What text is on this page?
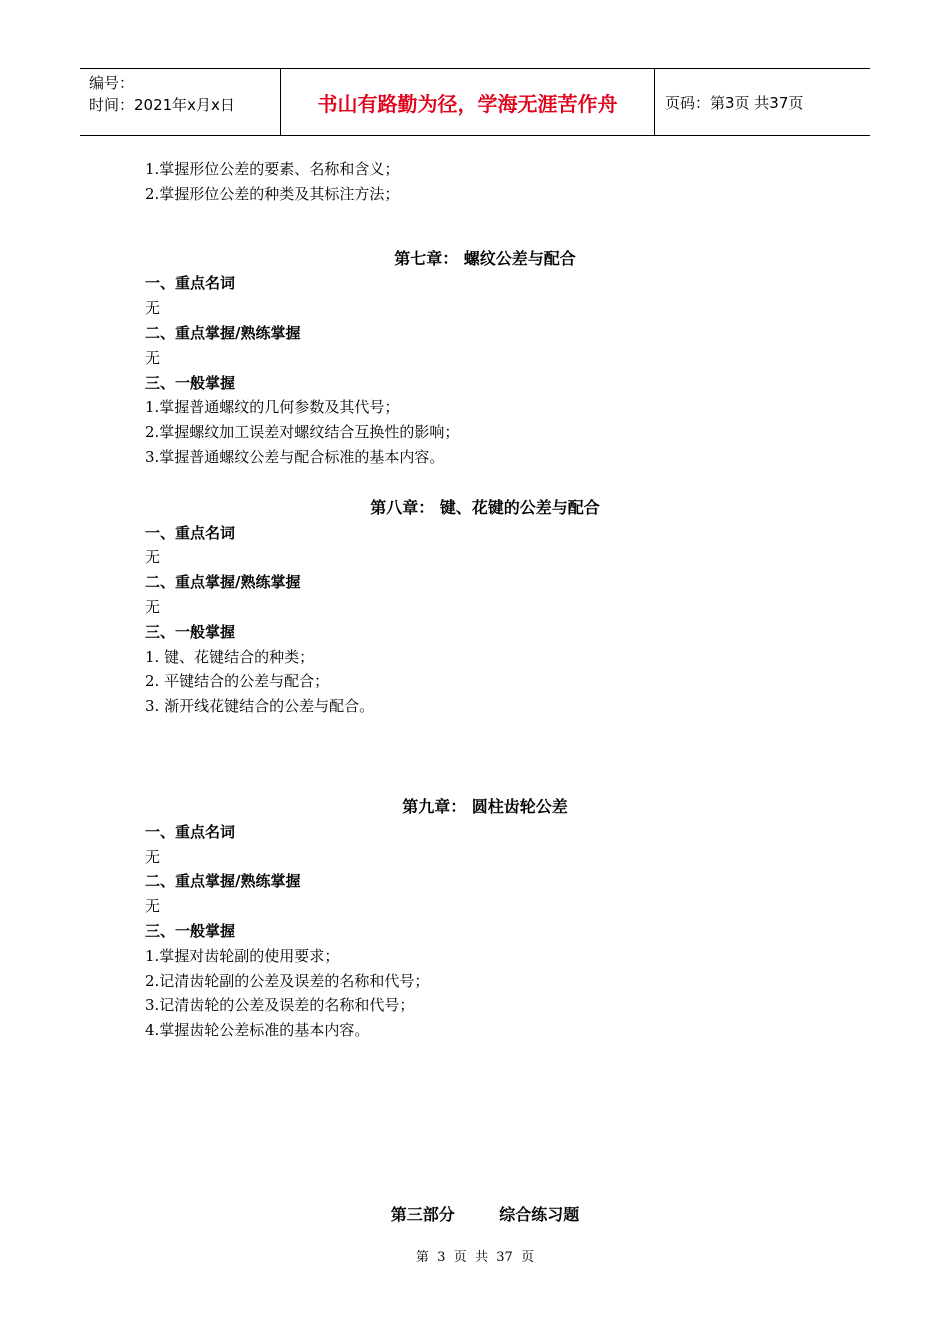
编号：
时间：2021年x月x日	书山有路勤为径，学海无涯苦作舟	页码：第3页 共37页
1.掌握形位公差的要素、名称和含义；
2.掌握形位公差的种类及其标注方法；
第七章： 螺纹公差与配合
一、重点名词
无
二、重点掌握/熟练掌握
无
三、一般掌握
1.掌握普通螺纹的几何参数及其代号；
2.掌握螺纹加工误差对螺纹结合互换性的影响；
3.掌握普通螺纹公差与配合标准的基本内容。
第八章： 键、花键的公差与配合
一、重点名词
无
二、重点掌握/熟练掌握
无
三、一般掌握
1. 键、花键结合的种类；
2. 平键结合的公差与配合；
3. 渐开线花键结合的公差与配合。
第九章： 圆柱齿轮公差
一、重点名词
无
二、重点掌握/熟练掌握
无
三、一般掌握
1.掌握对齿轮副的使用要求；
2.记清齿轮副的公差及误差的名称和代号；
3.记清齿轮的公差及误差的名称和代号；
4.掌握齿轮公差标准的基本内容。
第三部分        综合练习题
第  3  页  共  37  页
